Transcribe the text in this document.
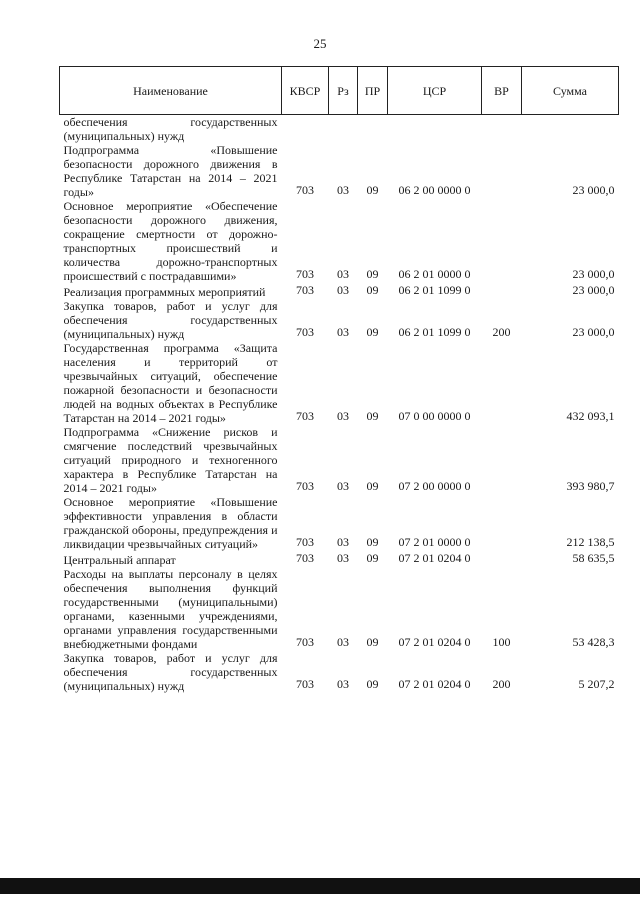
25
Наименование	КВСР	Рз	ПР	ЦСР	ВР	Сумма
обеспечения государственных (муниципальных) нужд						
Подпрограмма «Повышение безопасности дорожного движения в Республике Татарстан на 2014 – 2021 годы»	703	03	09	06 2 00 0000 0		23 000,0
Основное мероприятие «Обеспечение безопасности дорожного движения, сокращение смертности от дорожно-транспортных происшествий и количества дорожно-транспортных происшествий с пострадавшими»	703	03	09	06 2 01 0000 0		23 000,0
Реализация программных мероприятий	703	03	09	06 2 01 1099 0		23 000,0
Закупка товаров, работ и услуг для обеспечения государственных (муниципальных) нужд	703	03	09	06 2 01 1099 0	200	23 000,0
Государственная программа «Защита населения и территорий от чрезвычайных ситуаций, обеспечение пожарной безопасности и безопасности людей на водных объектах в Республике Татарстан на 2014 – 2021 годы»	703	03	09	07 0 00 0000 0		432 093,1
Подпрограмма «Снижение рисков и смягчение последствий чрезвычайных ситуаций природного и техногенного характера в Республике Татарстан на 2014 – 2021 годы»	703	03	09	07 2 00 0000 0		393 980,7
Основное мероприятие «Повышение эффективности управления в области гражданской обороны, предупреждения и ликвидации чрезвычайных ситуаций»	703	03	09	07 2 01 0000 0		212 138,5
Центральный аппарат	703	03	09	07 2 01 0204 0		58 635,5
Расходы на выплаты персоналу в целях обеспечения выполнения функций государственными (муниципальными) органами, казенными учреждениями, органами управления государственными внебюджетными фондами	703	03	09	07 2 01 0204 0	100	53 428,3
Закупка товаров, работ и услуг для обеспечения государственных (муниципальных) нужд	703	03	09	07 2 01 0204 0	200	5 207,2
